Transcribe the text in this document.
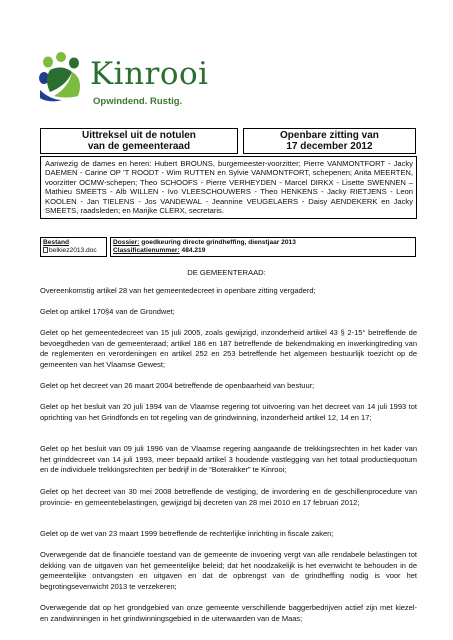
Kinrooi
Opwindend. Rustig.
Uittreksel uit de notulen
van de gemeenteraad

Openbare zitting van
17 december 2012
Aanwezig de dames en heren: Hubert BROUNS, burgemeester-voorzitter; Pierre VANMONTFORT - Jacky DAEMEN - Carine OP 'T ROODT - Wim RUTTEN en Sylvie VANMONTFORT, schepenen; Anita MEERTEN, voorzitter OCMW-schepen; Theo SCHOOFS - Pierre VERHEYDEN - Marcel DIRKX - Lisette SWENNEN – Mathieu SMEETS - Alb WILLEN - Ivo VLEESCHOUWERS - Theo HENKENS - Jacky RIETJENS - Leon KOOLEN - Jan TIELENS - Jos VANDEWAL - Jeannine VEUGELAERS - Daisy AENDEKERK en Jacky SMEETS, raadsleden; en Marijke CLERX, secretaris.
Bestand
belkiez2013.doc

Dossier: goedkeuring directe grindheffing, dienstjaar 2013
Classificatienummer: 484.219
DE GEMEENTERAAD:
Overeenkomstig artikel 28 van het gemeentedecreet in openbare zitting vergaderd;
Gelet op artikel 170§4 van de Grondwet;
Gelet op het gemeentedecreet van 15 juli 2005, zoals gewijzigd, inzonderheid artikel 43 § 2-15° betreffende de bevoegdheden van de gemeenteraad; artikel 186 en 187 betreffende de bekendmaking en inwerkingtreding van de reglementen en verordeningen en artikel 252 en 253 betreffende het algemeen bestuurlijk toezicht op de gemeenten van het Vlaamse Gewest;
Gelet op het decreet van 26 maart 2004 betreffende de openbaarheid van bestuur;
Gelet op het besluit van 20 juli 1994 van de Vlaamse regering tot uitvoering van het decreet van 14 juli 1993 tot oprichting van het Grindfonds en tot regeling van de grindwinning, inzonderheid artikel 12, 14 en 17;
Gelet op het besluit van 09 juli 1996 van de Vlaamse regering aangaande de trekkingsrechten in het kader van het grinddecreet van 14 juli 1993, meer bepaald artikel 3 houdende vastlegging van het totaal productiequotum en de individuele trekkingsrechten per bedrijf in de “Boterakker” te Kinrooi;
Gelet op het decreet van 30 mei 2008 betreffende de vestiging, de invordering en de geschillenprocedure van provincie- en gemeentebelastingen, gewijzigd bij decreten van 28 mei 2010 en 17 februari 2012;
Gelet op de wet van 23 maart 1999 betreffende de rechterlijke inrichting in fiscale zaken;
Overwegende dat de financiële toestand van de gemeente de invoering vergt van alle rendabele belastingen tot dekking van de uitgaven van het gemeentelijke beleid; dat het noodzakelijk is het evenwicht te behouden in de gemeentelijke ontvangsten en uitgaven en dat de opbrengst van de grindheffing nodig is voor het begrotingsevenwicht 2013 te verzekeren;
Overwegende dat op het grondgebied van onze gemeente verschillende baggerbedrijven actief zijn met kiezel- en zandwinningen in het grindwinningsgebied in de uiterwaarden van de Maas;
